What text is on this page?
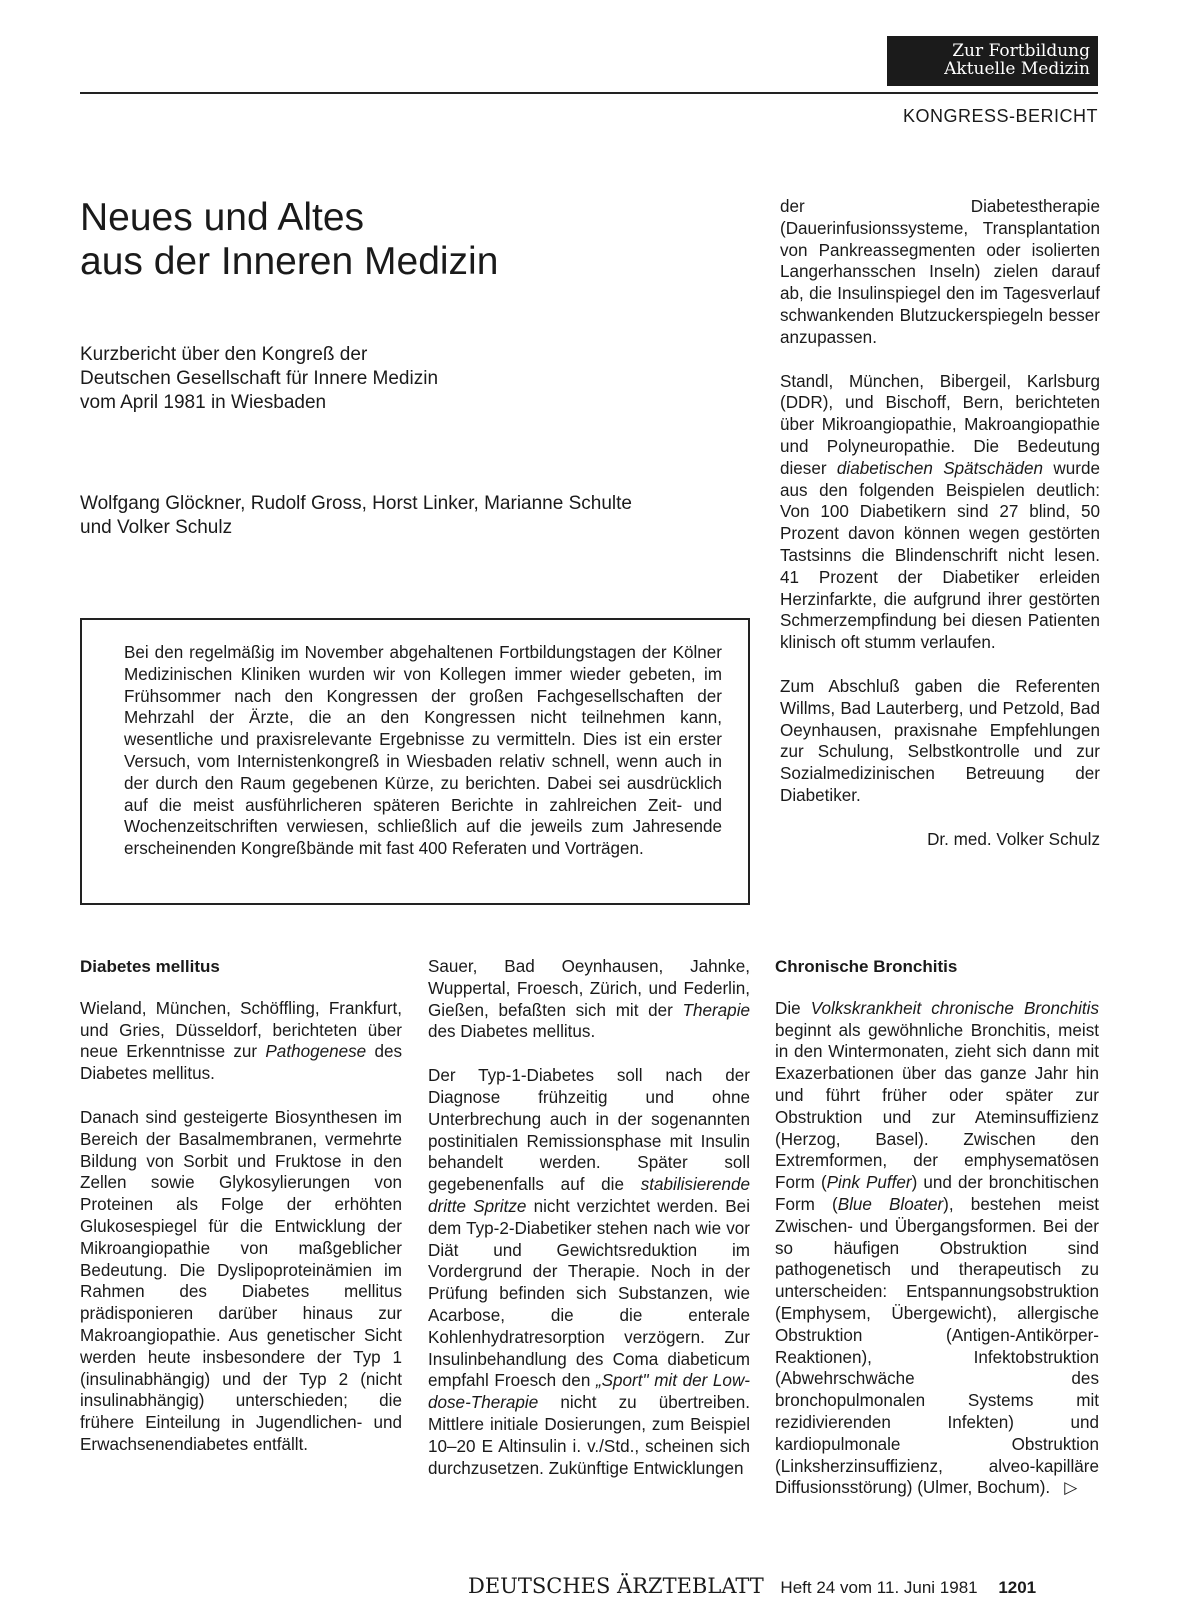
Zur Fortbildung
Aktuelle Medizin
KONGRESS-BERICHT
Neues und Altes
aus der Inneren Medizin
Kurzbericht über den Kongreß der
Deutschen Gesellschaft für Innere Medizin
vom April 1981 in Wiesbaden
Wolfgang Glöckner, Rudolf Gross, Horst Linker, Marianne Schulte
und Volker Schulz
Bei den regelmäßig im November abgehaltenen Fortbildungstagen der Kölner Medizinischen Kliniken wurden wir von Kollegen immer wieder gebeten, im Frühsommer nach den Kongressen der großen Fachgesellschaften der Mehrzahl der Ärzte, die an den Kongressen nicht teilnehmen kann, wesentliche und praxisrelevante Ergebnisse zu vermitteln. Dies ist ein erster Versuch, vom Internistenkongreß in Wiesbaden relativ schnell, wenn auch in der durch den Raum gegebenen Kürze, zu berichten. Dabei sei ausdrücklich auf die meist ausführlicheren späteren Berichte in zahlreichen Zeit- und Wochenzeitschriften verwiesen, schließlich auf die jeweils zum Jahresende erscheinenden Kongreßbände mit fast 400 Referaten und Vorträgen.

der Diabetestherapie (Dauerinfusionssysteme, Transplantation von Pankreassegmenten oder isolierten Langerhansschen Inseln) zielen darauf ab, die Insulinspiegel den im Tagesverlauf schwankenden Blutzuckerspiegeln besser anzupassen.

Standl, München, Bibergeil, Karlsburg (DDR), und Bischoff, Bern, berichteten über Mikroangiopathie, Makroangiopathie und Polyneuropathie. Die Bedeutung dieser diabetischen Spätschäden wurde aus den folgenden Beispielen deutlich: Von 100 Diabetikern sind 27 blind, 50 Prozent davon können wegen gestörten Tastsinns die Blindenschrift nicht lesen. 41 Prozent der Diabetiker erleiden Herzinfarkte, die aufgrund ihrer gestörten Schmerzempfindung bei diesen Patienten klinisch oft stumm verlaufen.

Zum Abschluß gaben die Referenten Willms, Bad Lauterberg, und Petzold, Bad Oeynhausen, praxisnahe Empfehlungen zur Schulung, Selbstkontrolle und zur Sozialmedizinischen Betreuung der Diabetiker.

Dr. med. Volker Schulz

Diabetes mellitus

Wieland, München, Schöffling, Frankfurt, und Gries, Düsseldorf, berichteten über neue Erkenntnisse zur Pathogenese des Diabetes mellitus.

Danach sind gesteigerte Biosynthesen im Bereich der Basalmembranen, vermehrte Bildung von Sorbit und Fruktose in den Zellen sowie Glykosylierungen von Proteinen als Folge der erhöhten Glukosespiegel für die Entwicklung der Mikroangiopathie von maßgeblicher Bedeutung. Die Dyslipoproteinämien im Rahmen des Diabetes mellitus prädisponieren darüber hinaus zur Makroangiopathie. Aus genetischer Sicht werden heute insbesondere der Typ 1 (insulinabhängig) und der Typ 2 (nicht insulinabhängig) unterschieden; die frühere Einteilung in Jugendlichen- und Erwachsenendiabetes entfällt.

Sauer, Bad Oeynhausen, Jahnke, Wuppertal, Froesch, Zürich, und Federlin, Gießen, befaßten sich mit der Therapie des Diabetes mellitus.

Der Typ-1-Diabetes soll nach der Diagnose frühzeitig und ohne Unterbrechung auch in der sogenannten postinitialen Remissionsphase mit Insulin behandelt werden. Später soll gegebenenfalls auf die stabilisierende dritte Spritze nicht verzichtet werden. Bei dem Typ-2-Diabetiker stehen nach wie vor Diät und Gewichtsreduktion im Vordergrund der Therapie. Noch in der Prüfung befinden sich Substanzen, wie Acarbose, die die enterale Kohlenhydratresorption verzögern. Zur Insulinbehandlung des Coma diabeticum empfahl Froesch den „Sport" mit der Low-dose-Therapie nicht zu übertreiben. Mittlere initiale Dosierungen, zum Beispiel 10–20 E Altinsulin i. v./Std., scheinen sich durchzusetzen. Zukünftige Entwicklungen

Chronische Bronchitis

Die Volkskrankheit chronische Bronchitis beginnt als gewöhnliche Bronchitis, meist in den Wintermonaten, zieht sich dann mit Exazerbationen über das ganze Jahr hin und führt früher oder später zur Obstruktion und zur Ateminsuffizienz (Herzog, Basel). Zwischen den Extremformen, der emphysematösen Form (Pink Puffer) und der bronchitischen Form (Blue Bloater), bestehen meist Zwischen- und Übergangsformen. Bei der so häufigen Obstruktion sind pathogenetisch und therapeutisch zu unterscheiden: Entspannungsobstruktion (Emphysem, Übergewicht), allergische Obstruktion (Antigen-Antikörper-Reaktionen), Infektobstruktion (Abwehrschwäche des bronchopulmonalen Systems mit rezidivierenden Infekten) und kardiopulmonale Obstruktion (Linksherzinsuffizienz, alveo-kapilläre Diffusionsstörung) (Ulmer, Bochum). ▷

DEUTSCHES ÄRZTEBLATT Heft 24 vom 11. Juni 1981 1201
